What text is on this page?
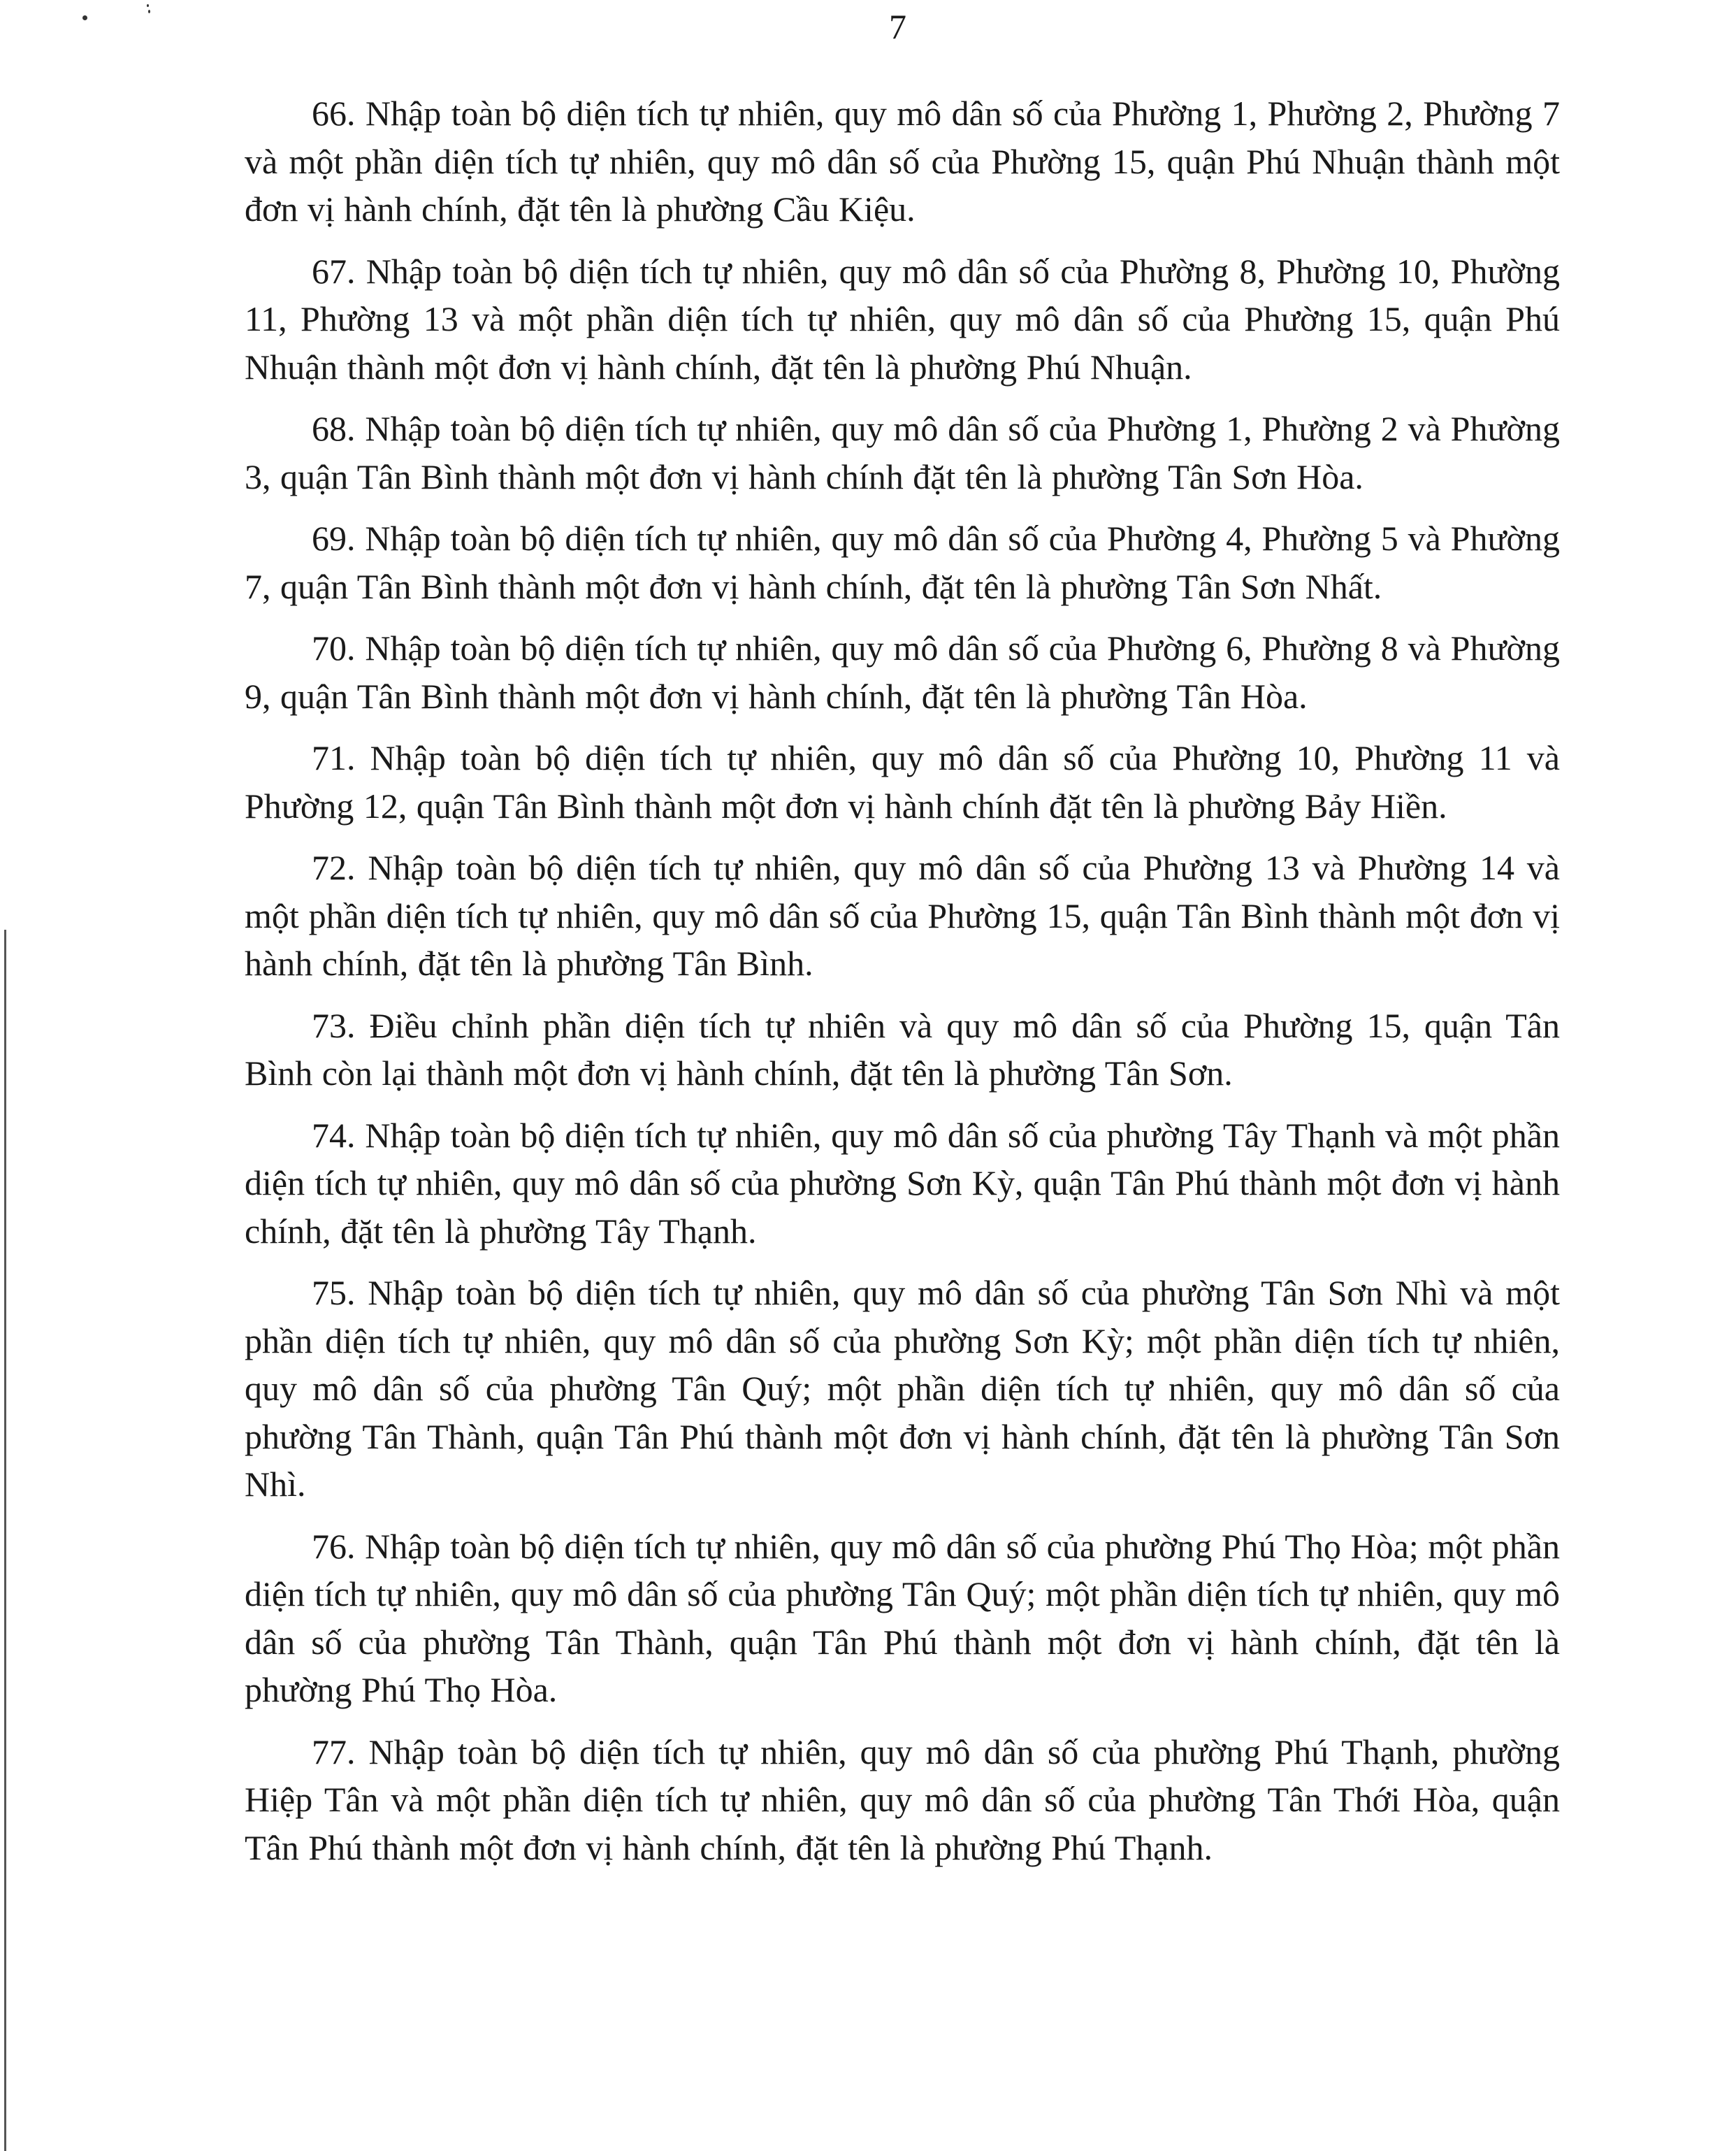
7

66. Nhập toàn bộ diện tích tự nhiên, quy mô dân số của Phường 1, Phường 2, Phường 7 và một phần diện tích tự nhiên, quy mô dân số của Phường 15, quận Phú Nhuận thành một đơn vị hành chính, đặt tên là phường Cầu Kiệu.

67. Nhập toàn bộ diện tích tự nhiên, quy mô dân số của Phường 8, Phường 10, Phường 11, Phường 13 và một phần diện tích tự nhiên, quy mô dân số của Phường 15, quận Phú Nhuận thành một đơn vị hành chính, đặt tên là phường Phú Nhuận.

68. Nhập toàn bộ diện tích tự nhiên, quy mô dân số của Phường 1, Phường 2 và Phường 3, quận Tân Bình thành một đơn vị hành chính đặt tên là phường Tân Sơn Hòa.

69. Nhập toàn bộ diện tích tự nhiên, quy mô dân số của Phường 4, Phường 5 và Phường 7, quận Tân Bình thành một đơn vị hành chính, đặt tên là phường Tân Sơn Nhất.

70. Nhập toàn bộ diện tích tự nhiên, quy mô dân số của Phường 6, Phường 8 và Phường 9, quận Tân Bình thành một đơn vị hành chính, đặt tên là phường Tân Hòa.

71. Nhập toàn bộ diện tích tự nhiên, quy mô dân số của Phường 10, Phường 11 và Phường 12, quận Tân Bình thành một đơn vị hành chính đặt tên là phường Bảy Hiền.

72. Nhập toàn bộ diện tích tự nhiên, quy mô dân số của Phường 13 và Phường 14 và một phần diện tích tự nhiên, quy mô dân số của Phường 15, quận Tân Bình thành một đơn vị hành chính, đặt tên là phường Tân Bình.

73. Điều chỉnh phần diện tích tự nhiên và quy mô dân số của Phường 15, quận Tân Bình còn lại thành một đơn vị hành chính, đặt tên là phường Tân Sơn.

74. Nhập toàn bộ diện tích tự nhiên, quy mô dân số của phường Tây Thạnh và một phần diện tích tự nhiên, quy mô dân số của phường Sơn Kỳ, quận Tân Phú thành một đơn vị hành chính, đặt tên là phường Tây Thạnh.

75. Nhập toàn bộ diện tích tự nhiên, quy mô dân số của phường Tân Sơn Nhì và một phần diện tích tự nhiên, quy mô dân số của phường Sơn Kỳ; một phần diện tích tự nhiên, quy mô dân số của phường Tân Quý; một phần diện tích tự nhiên, quy mô dân số của phường Tân Thành, quận Tân Phú thành một đơn vị hành chính, đặt tên là phường Tân Sơn Nhì.

76. Nhập toàn bộ diện tích tự nhiên, quy mô dân số của phường Phú Thọ Hòa; một phần diện tích tự nhiên, quy mô dân số của phường Tân Quý; một phần diện tích tự nhiên, quy mô dân số của phường Tân Thành, quận Tân Phú thành một đơn vị hành chính, đặt tên là phường Phú Thọ Hòa.

77. Nhập toàn bộ diện tích tự nhiên, quy mô dân số của phường Phú Thạnh, phường Hiệp Tân và một phần diện tích tự nhiên, quy mô dân số của phường Tân Thới Hòa, quận Tân Phú thành một đơn vị hành chính, đặt tên là phường Phú Thạnh.
